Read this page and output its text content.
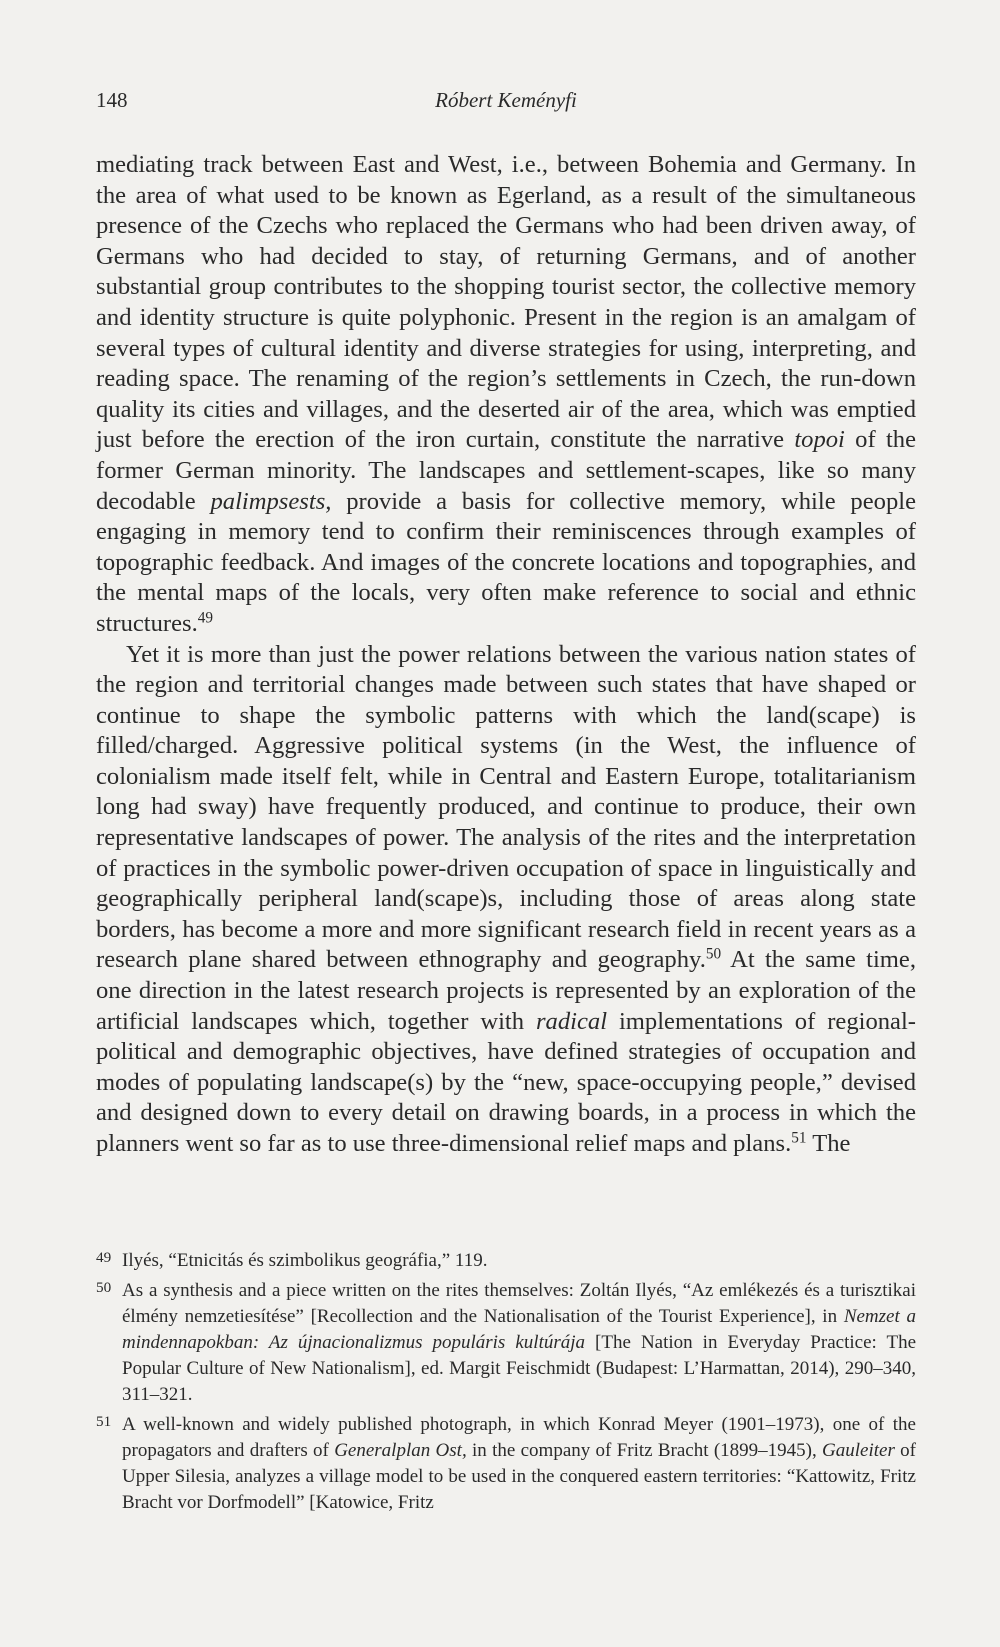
148	Róbert Keményfi

mediating track between East and West, i.e., between Bohemia and Germany. In the area of what used to be known as Egerland, as a result of the simultaneous presence of the Czechs who replaced the Germans who had been driven away, of Germans who had decided to stay, of returning Germans, and of another substantial group contributes to the shopping tourist sector, the collective memory and identity structure is quite polyphonic. Present in the region is an amalgam of several types of cultural identity and diverse strategies for using, interpreting, and reading space. The renaming of the region’s settlements in Czech, the run-down quality its cities and villages, and the deserted air of the area, which was emptied just before the erection of the iron curtain, constitute the narrative topoi of the former German minority. The landscapes and settlement-scapes, like so many decodable palimpsests, provide a basis for collective memory, while people engaging in memory tend to confirm their reminiscences through examples of topographic feedback. And images of the concrete locations and topographies, and the mental maps of the locals, very often make reference to social and ethnic structures.$^{49}$

Yet it is more than just the power relations between the various nation states of the region and territorial changes made between such states that have shaped or continue to shape the symbolic patterns with which the land(scape) is filled/charged. Aggressive political systems (in the West, the influence of colonialism made itself felt, while in Central and Eastern Europe, totalitarianism long had sway) have frequently produced, and continue to produce, their own representative landscapes of power. The analysis of the rites and the interpretation of practices in the symbolic power-driven occupation of space in linguistically and geographically peripheral land(scape)s, including those of areas along state borders, has become a more and more significant research field in recent years as a research plane shared between ethnography and geography.$^{50}$ At the same time, one direction in the latest research projects is represented by an exploration of the artificial landscapes which, together with radical implementations of regional-political and demographic objectives, have defined strategies of occupation and modes of populating landscape(s) by the “new, space-occupying people,” devised and designed down to every detail on drawing boards, in a process in which the planners went so far as to use three-dimensional relief maps and plans.$^{51}$ The

49 Ilyés, “Etnicitás és szimbolikus geográfia,” 119.
50 As a synthesis and a piece written on the rites themselves: Zoltán Ilyés, “Az emlékezés és a turisztikai élmény nemzetiesítése” [Recollection and the Nationalisation of the Tourist Experience], in Nemzet a mindennapokban: Az újnacionalizmus populáris kultúrája [The Nation in Everyday Practice: The Popular Culture of New Nationalism], ed. Margit Feischmidt (Budapest: L’Harmattan, 2014), 290–340, 311–321.
51 A well-known and widely published photograph, in which Konrad Meyer (1901–1973), one of the propagators and drafters of Generalplan Ost, in the company of Fritz Bracht (1899–1945), Gauleiter of Upper Silesia, analyzes a village model to be used in the conquered eastern territories: “Kattowitz, Fritz Bracht vor Dorfmodell” [Katowice, Fritz
